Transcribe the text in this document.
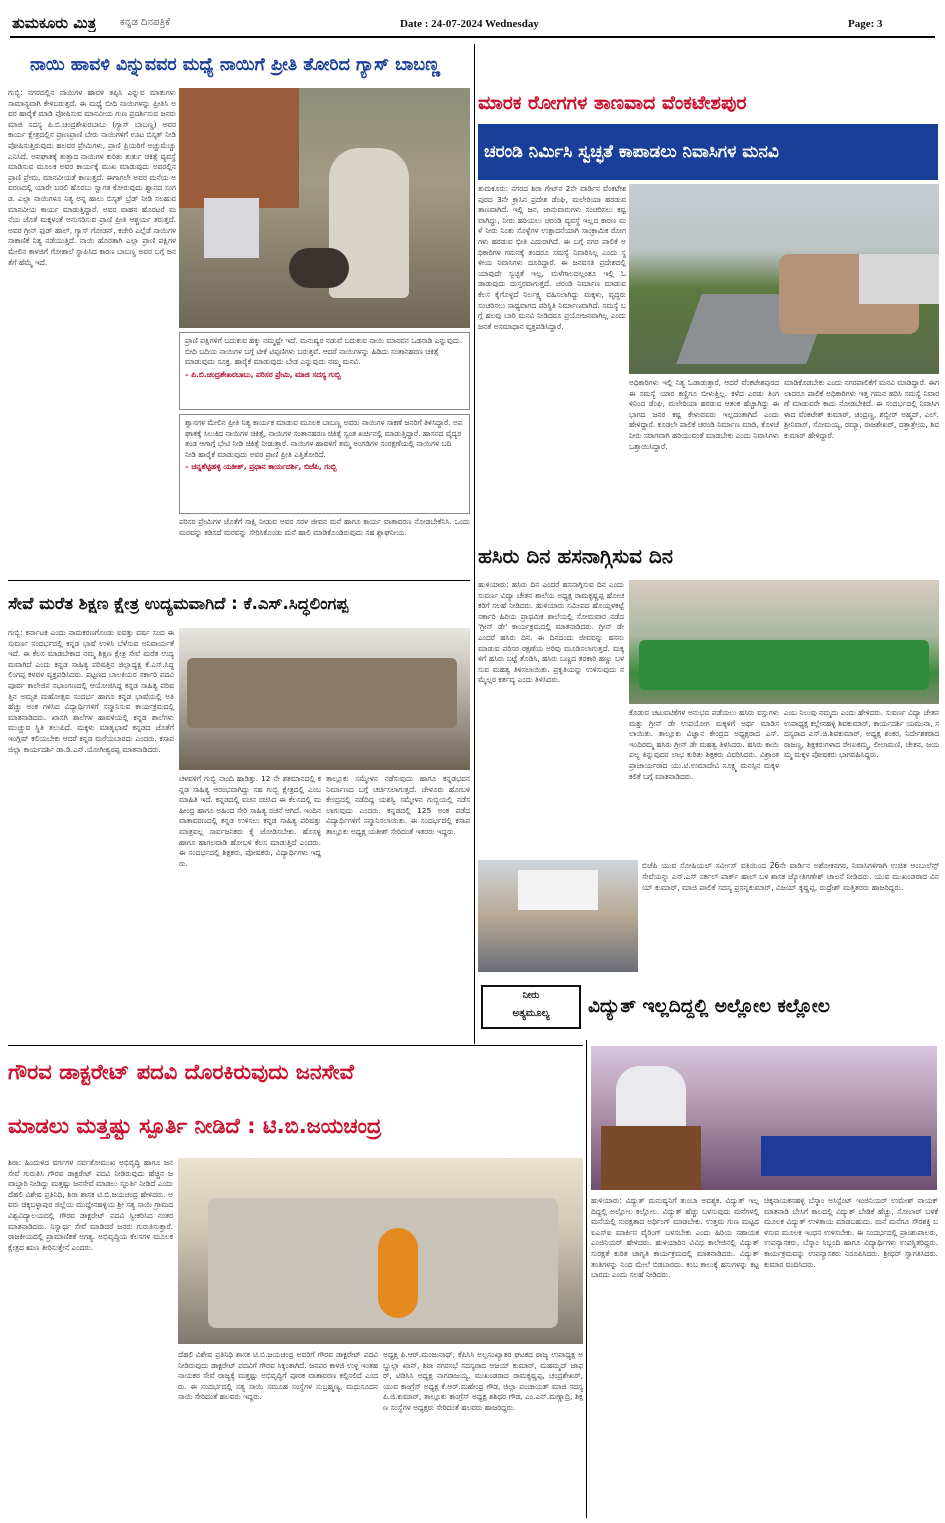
ತುಮಕೂರು ಮಿತ್ರ ಕನ್ನಡ ದಿನಪತ್ರಿಕೆ	Date : 24-07-2024 Wednesday	Page: 3
ನಾಯಿ ಹಾವಳಿ ವಿನ್ನುವವರ ಮಧ್ಯೆ ನಾಯಿಗೆ ಪ್ರೀತಿ ತೋರಿದ ಗ್ಯಾಸ್ ಬಾಬಣ್ಣ
ಗುಬ್ಬಿ: ನಗರದಲ್ಲಿನ ನಾಯಿಗಳ ಹಾವಳಿ ತಪ್ಪಿಸಿ ಎನ್ನುವ ಮಾತುಗಳು ಸಾಮಾನ್ಯವಾಗಿ ಕೇಳಿಬರುತ್ತದೆ. ಈ ಮಧ್ಯೆ ಬೀದಿ ನಾಯಿಗಳನ್ನು ಪ್ರೀತಿಸಿ ಅವರ ಹಾರೈಕೆ ಮಾಡಿ ಪೋಷಿಸುವ ಮಾನವೀಯ ಗುಣ ಪ್ರದರ್ಶಿಸುವ ಜನರು ಮಾಜಿ ಸದಸ್ಯ ಪಿ.ಬಿ.ಚಂದ್ರಶೇಖರಬಾಬು (ಗ್ಯಾಸ್ ಬಾಬಣ್ಣ) ಅವರ ಕಾರ್ಯ ಕ್ಷೇತ್ರದಲ್ಲಿನ ಪ್ರಾಣಪ್ರಾಣಿ ಬೇರು ನಾಯಿಗಳಿಗೆ ಊಟ ಬಿಸ್ಕತ್ ನೀಡಿ ಪೋಷಿಸುತ್ತಿರುವುದು ಹಲವರ ಪ್ರೇಮಿಗಳು, ಪ್ರಾಣಿ ಪ್ರಿಯರಿಗೆ ಅಚ್ಚುಮೆಚ್ಚು ಎನಿಸಿದೆ. ಅಪಘಾತಕ್ಕೆ ತುತ್ತಾದ ನಾಯಿಗಳ ಕುರಿತು ತುರ್ತು ಚಿಕಿತ್ಸೆ ವ್ಯವಸ್ಥೆ ಮಾಡಿಸುವ ಮೂಲಕ ಅವರ ಕಾರ್ಯಕ್ಕೆ ಮುಖ ಮಾಡುವುದು ಅವರಲ್ಲಿನ ಪ್ರಾಣಿ ಪ್ರೇಮ, ಮಾನವೀಯತೆ ಕಾಣುತ್ತದೆ. ಈಗಾಗಲೇ ಅವರ ಮನೆಯ ಅವರಣದಲ್ಲಿ ಯಾರೇ ಬರಲಿ ಹೊರಬು ಸ್ವಾಗತ ಕೋರುವುದು ಶ್ವಾನದ ಸಂಗಡ. ಎಲ್ಲಾ ನಾಯಿಗಳೂ ನಿತ್ಯ ಅನ್ನ ಹಾಲು ಬಿಸ್ಕತ್ ಬ್ರೆಡ್ ನೀಡಿ ಸಲಹುವ ಮಾನವೀಯ ಕಾರ್ಯ ಮಾಡುತ್ತಿದ್ದಾರೆ. ಅವರ ವಾಹನ ಹೊರಟರೆ ಮನೆಯ ಜೊತೆ ಮಕ್ಕಳಂತೆ ಅನುಸರಿಸುವ ಪ್ರಾಣಿ ಪ್ರೀತಿ ಆಶ್ಚರ್ಯ ತರುತ್ತದೆ. ಅವರ ಗ್ರೀನ್ ಫುಡ್ ಹಾಲ್, ಗ್ಯಾಸ್ ಗೋಡನ್, ಕಚೇರಿ ಎಲ್ಲೆಡೆ ನಾಯಿಗಳ ಸಾಕಾಣಿಕೆ ನಿತ್ಯ ನಡೆಯುತ್ತಿದೆ. ನಾಯಿ ಹೊರತಾಗಿ ಎಲ್ಲಾ ಪ್ರಾಣಿ ಪಕ್ಷಿಗಳ ಮೇಲಿನ ಕಾಳಜಿಗೆ ಗೋಶಾಲೆ ಸ್ಥಾಪಿಸಿದ ಕಾರಣ ಬಾಬಣ್ಣ ಅವರ ಬಗ್ಗೆ ಜನತೆಗೆ ಹೆಮ್ಮೆ ಇದೆ.
ಪ್ರಾಣಿ ಪಕ್ಷಿಗಳಿಗೆ ಬದುಕುವ ಹಕ್ಕು ನಮ್ಮಷ್ಟೇ ಇದೆ. ಮನುಷ್ಯರ ನಡುವೆ ಬದುಕುವ ನಾಯಿ ಮಾನವನ ಒಡನಾಡಿ ಎನ್ನುವುದು. ಬೀದಿ ಬದಿಯ ನಾಯಿಗಳ ಬಗ್ಗೆ ಟೀಕೆ ಟಿಪ್ಪಣಿಗಳು ಬರುತ್ತವೆ. ಆದರೆ ನಾಯಿಗಳನ್ನು ಹಿಡಿದು ಸಂತಾನಹರಣ ಚಿಕಿತ್ಸೆ ಮಾಡುವುದು ಸೂಕ್ತ. ಹಾರೈಕೆ ಮಾಡುವುದು ಬೇಡ ಎನ್ನುವುದು ನಮ್ಮ ಮನವಿ.
– ಪಿ.ಬಿ.ಚಂದ್ರಶೇಖರಬಾಬು, ಪರಿಸರ ಪ್ರೇಮಿ, ಮಾಜಿ ಸದಸ್ಯ ಗುಬ್ಬಿ
ಶ್ವಾನಗಳ ಮೇಲಿನ ಪ್ರೀತಿ ನಿತ್ಯ ಕಾರ್ಯಕ ಮಾಡುವ ಮೂಲಕ ಬಾಬಣ್ಣ ಅವರು ನಾಯಿಗಳ ಸಾಕಣೆ ಜನರಿಗೆ ತಿಳಿಸಿದ್ದಾರೆ. ಅಪಘಾತಕ್ಕೆ ಸಿಲುಕಿದ ನಾಯಿಗಳ ಚಿಕಿತ್ಸೆ, ನಾಯಿಗಳ ಸಂತಾನಹರಣ ಚಿಕಿತ್ಸೆ ಸ್ವಂತ ಖರ್ಚಿನಲ್ಲಿ ಮಾಡುತ್ತಿದ್ದಾರೆ. ಹಾಸನದ ವೈದ್ಯರ ತಂಡ ಆಗಾಗ್ಗೆ ಭೇಟಿ ನೀಡಿ ಚಿಕಿತ್ಸೆ ನೀಡುತ್ತಾರೆ. ನಾಯಿಗಳ ಹಾವಳಿಗೆ ತಮ್ಮ ಅಂಗಡಿಗಳ ಸಂರಕ್ಷಣೆಯಲ್ಲಿ ನಾಯಿಗಳ ಬದಿ ನೀಡಿ ಹಾರೈಕೆ ಮಾಡುವುದು ಅವರ ಪ್ರಾಣಿ ಪ್ರೀತಿ ಎತ್ತಿತೋರಿದೆ.
– ಚನ್ನಶೆಟ್ಟಿಹಳ್ಳಿ ಯತೀಶ್, ಪ್ರಧಾನ ಕಾರ್ಯದರ್ಶಿ, ಬಿಜೆಪಿ, ಗುಬ್ಬಿ
ಪರಿಸರ ಪ್ರೇಮಿಗಳ ಜೊತೆಗೆ ಸಾಕ್ಷಿ ನೀಡುವ ಅವರ ಸರಳ ಜೀವನ ಮನೆ ಹಾಗೂ ಕಾರ್ಯ ವಾತಾವರಣ ನೋಡಬೇಕೆನಿಸಿ. ಒಂದು ಮರವನ್ನು ಕಡಿಸದೆ ಮರವನ್ನು ಸೇರಿಸಿಕೊಂಡು ಮನೆ ಹಾಲಿ ಮಾಡಿಕೊಂಡಿರುವುದು ಸಹ ಶ್ಲಾಘನೀಯ.
ಮಾರಕ ರೋಗಗಳ ತಾಣವಾದ ವೆಂಕಟೇಶಪುರ
ಚರಂಡಿ ನಿರ್ಮಿಸಿ ಸ್ವಚ್ಛತೆ ಕಾಪಾಡಲು ನಿವಾಸಿಗಳ ಮನವಿ
ತುಮಕೂರು: ನಗರದ ಶಿರಾ ಗೇಟ್‌ನ 2ನೇ ವಾರ್ಡಿನ ವೆಂಕಟೇಶಪುರದ 3ನೇ ಕ್ರಾಸಿನ ಪ್ರದೇಶ ಡೆಂಘಿ, ಮಲೇರಿಯಾ ಹರಡುವ ತಾಣವಾಗಿದೆ. ಇಲ್ಲಿ ಜನ, ಜಾನುವಾರುಗಳು ಸಂಚರಿಸಲು ಕಷ್ಟವಾಗಿದ್ದು, ನೀರು ಹರಿಯಲು ಚರಂಡಿ ವ್ಯವಸ್ಥೆ ಇಲ್ಲದ ಕಾರಣ ಮಳೆ ನೀರು ನಿಂತು ಸೊಳ್ಳೆಗಳ ಉತ್ಪಾದನೆಯಾಗಿ ಸಾಂಕ್ರಾಮಿಕ ರೋಗಗಳು ಹರಡುವ ಭೀತಿ ಎದುರಾಗಿದೆ. ಈ ಬಗ್ಗೆ ನಗರ ಪಾಲಿಕೆ ಅಧಿಕಾರಿಗಳ ಗಮನಕ್ಕೆ ತಂದರೂ ಸಮಸ್ಯೆ ನಿವಾರಿಸಿಲ್ಲ ಎಂದು ಸ್ಥಳೀಯ ನಿವಾಸಿಗಳು ದೂರಿದ್ದಾರೆ. ಈ ಜನವಸತಿ ಪ್ರದೇಶದಲ್ಲಿ ಯಾವುದೇ ಸ್ವಚ್ಛತೆ ಇಲ್ಲ, ಮಳೆಗಾಲದಲ್ಲಂತೂ ಇಲ್ಲಿ ಓಡಾಡುವುದು ದುಸ್ತರವಾಗುತ್ತದೆ. ಚರಂಡಿ ನಿರ್ಮಾಣ ಮಾಡುವ ಕೆಲಸ ಕೈಗೊಳ್ಳದೆ ನಿರ್ಲಕ್ಷ್ಯ ವಹಿಸಲಾಗಿದ್ದು ಮಕ್ಕಳು, ವೃದ್ಧರು ಸಂಚರಿಸಲು ಸಾಧ್ಯವಾಗದ ಪರಿಸ್ಥಿತಿ ನಿರ್ಮಾಣವಾಗಿದೆ. ಸಮಸ್ಯೆ ಬಗ್ಗೆ ಹಲವು ಬಾರಿ ಮನವಿ ನೀಡಿದರೂ ಪ್ರಯೋಜನವಾಗಿಲ್ಲ ಎಂದು ಜನತೆ ಅಸಮಾಧಾನ ವ್ಯಕ್ತಪಡಿಸಿದ್ದಾರೆ.
ಅಧಿಕಾರಿಗಳು ಇಲ್ಲಿ ನಿತ್ಯ ಓಡಾಡುತ್ತಾರೆ, ಆದರೆ ವೆಂಕಟೇಶಪುರದ ಈ ಸಮಸ್ಯೆ ಯಾರ ಕಣ್ಣಿಗೂ ಬೀಳುತ್ತಿಲ್ಲ. ಕಳೆದ ಎರಡು ತಿಂಗಳಿನಿಂದ ಡೆಂಘಿ, ಮಲೇರಿಯಾ ಹರಡುವ ಆತಂಕ ಹೆಚ್ಚಾಗಿದ್ದು ಈ ಭಾಗದ ಜನರ ಕಷ್ಟ ಕೇಳುವವರು ಇಲ್ಲದಂತಾಗಿದೆ ಎಂದು ಹೇಳಿದ್ದಾರೆ. ಕೂಡಲೇ ಪಾಲಿಕೆ ಚರಂಡಿ ನಿರ್ಮಾಣ ಮಾಡಿ, ಕೊಳಚೆ ನೀರು ಸರಾಗವಾಗಿ ಹರಿಯುವಂತೆ ಮಾಡಬೇಕು ಎಂದು ನಿವಾಸಿಗಳು ಒತ್ತಾಯಿಸಿದ್ದಾರೆ.
ಮಾಡಿಕೊಡಬೇಕು ಎಂದು ನಗರಪಾಲಿಕೆಗೆ ಮನವಿ ಮಾಡಿದ್ದಾರೆ. ಈಗಲಾದರೂ ಪಾಲಿಕೆ ಅಧಿಕಾರಿಗಳು ಇತ್ತ ಗಮನ ಹರಿಸಿ ಸಮಸ್ಯೆ ನಿವಾರಣೆ ಮಾಡುವರೇ ಕಾದು ನೋಡಬೇಕಿದೆ. ಈ ಸಂದರ್ಭದಲ್ಲಿ ನಿವಾಸಿಗಳಾದ ವೆಂಕಟೇಶ್ ಕುಮಾರ್, ಚಂದ್ರಣ್ಣ, ಶಬ್ಬೀರ್ ಅಹ್ಮದ್, ಎಲ್.ಶ್ರೀನಿವಾಸ್, ಸೋಮಯ್ಯ, ರಮ್ಯಾ, ರಾಜಶೇಖರ್, ದತ್ತಾತ್ರೇಯ, ಶಿವಕುಮಾರ್ ಹೇಳಿದ್ದಾರೆ.
ಹಸಿರು ದಿನ ಹಸನಾಗ್ಗಿಸುವ ದಿನ
ಹುಳಿಯಾರು: ಹಸಿರು ದಿನ ಎಂದರೆ ಹಸನಾಗ್ಗಿಸುವ ದಿನ ಎಂದು ಸುವರ್ಣ ವಿದ್ಯಾ ಚೇತನ ಶಾಲೆಯ ಅಧ್ಯಕ್ಷ ರಾಮಕೃಷ್ಣಪ್ಪ ಹೋಚಕರಿಗೆ ಸಲಹೆ ನೀಡಿದರು. ಹುಳಿಯಾರು ಸಮೀಪದ ಹೊಯ್ಸಳಕಟ್ಟೆ ಸರ್ಕಾರಿ ಹಿರಿಯ ಪ್ರಾಥಮಿಕ ಶಾಲೆಯಲ್ಲಿ ಸೋಮವಾರ ನಡೆದ 'ಗ್ರೀನ್ ಡೇ' ಕಾರ್ಯಕ್ರಮದಲ್ಲಿ ಮಾತನಾಡಿದರು. ಗ್ರೀನ್ ಡೇ ಎಂದರೆ ಹಸಿರು ದಿನ. ಈ ದಿನದಂದು ಜೀವವನ್ನು ಹಸನು ಮಾಡುವ ಪರಿಸರ ರಕ್ಷಣೆಯ ಅರಿವು ಮೂಡಿಸಲಾಗುತ್ತದೆ. ಮಕ್ಕಳಿಗೆ ಹಸಿರು ಬಟ್ಟೆ ತೊಡಿಸಿ, ಹಸಿರು ಬಣ್ಣದ ತರಕಾರಿ ಹಣ್ಣು ಬಳಸುವ ಮಹತ್ವ ತಿಳಿಸಲಾಯಿತು. ಪ್ರಕೃತಿಯನ್ನು ಉಳಿಸುವುದು ನಮ್ಮೆಲ್ಲರ ಕರ್ತವ್ಯ ಎಂದು ತಿಳಿಸಿದರು.
ಕೊಡುವ ಚಟುವಟಿಕೆಗಳ ಅನುಭವ ಪಡೆಯಲು ಹಸಿರು ವಸ್ತುಗಳು ಮತ್ತು ಗ್ರೀನ್ ಡೇ ಉಪಯೋಗ ಮಕ್ಕಳಿಗೆ ಅರ್ಥ ಮಾಡಿಸಲಾಯಿತು. ತಾಲ್ಲೂಕು ವಿಜ್ಞಾನ ಕೇಂದ್ರದ ಅಧ್ಯಕ್ಷರಾದ ಎಸ್.ಇಂದಿರಮ್ಮ ಹಸಿರು ಗ್ರೀನ್ ಡೇ ಮಹತ್ವ ತಿಳಿಸಿದರು. ಹಸಿರು ಕಾಯಿ ಪಲ್ಯ ತಿನ್ನುವುದರ ಲಾಭ ಕುರಿತು ಶಿಕ್ಷಕರು ವಿವರಿಸಿದರು. ವಿಶ್ರಾಂತ ಪ್ರಾಚಾರ್ಯರಾದ ಯು.ಟಿ.ಉಮಾದೇವಿ ಸೂಕ್ಷ್ಮ ಮನಸ್ಸಿನ ಮಕ್ಕಳ ಕಲಿಕೆ ಬಗ್ಗೆ ಮಾತನಾಡಿದರು.
ಎಂಬ ನಿಲುವು ನಮ್ಮದು ಎಂದು ಹೇಳಿದರು. ಸುವರ್ಣ ವಿದ್ಯಾ ಚೇತನ ಉಪಾಧ್ಯಕ್ಷ ಕಲ್ಲೇನಹಳ್ಳಿ ಶಿವಕುಮಾರ್, ಕಾರ್ಯದರ್ಶಿ ಯಮುನಾ, ಸದಸ್ಯರಾದ ಎಸ್.ಜಿ.ಶಿವಕುಮಾರ್, ಅಧ್ಯಕ್ಷ ಶಂಕರ, ನಿರ್ದೇಶಕರಾದ ರಾಜಣ್ಣ, ಶಿಕ್ಷಕರುಗಳಾದ ರೇಣುಕಮ್ಮ, ಲೀಲಾಮಣಿ, ಚೇತನ, ಜಯಮ್ಮ ಮಕ್ಕಳ ಪೋಷಕರು ಭಾಗವಹಿಸಿದ್ದರು.
ಬಿಜೆಪಿ ಯುವ ಸೋಷಿಯಲ್ ಸರ್ವೀಸ್ ವತಿಯಿಂದ 26ನೇ ವಾರ್ಡಿನ ಅಶೋಕನಗರ, ನಿವಾಸಿಗಳಿಗಾಗಿ ಉಚಿತ ಆಂಬುಲೆನ್ಸ್ ಸೇವೆಯನ್ನು ಎಸ್.ಎಸ್ ಸರ್ಕಲ್ ಪಾರ್ಕ್ ಹಾಲ್ ಬಳಿ ಶಾಸಕ ಜ್ಯೋತಿಗಣೇಶ್ ಚಾಲನೆ ನೀಡಿದರು. ಯುವ ಮುಖಂಡರಾದ ವಿನಯ್ ಕುಮಾರ್, ಮಾಜಿ ಪಾಲಿಕೆ ಸದಸ್ಯ ಪ್ರಸನ್ನಕುಮಾರ್, ವಿಜಯ್ ಕೃಷ್ಣಪ್ಪ, ರುದ್ರೇಶ್ ಮತ್ತಿತರರು ಹಾಜರಿದ್ದರು.
ಸೇವೆ ಮರೆತ ಶಿಕ್ಷಣ ಕ್ಷೇತ್ರ ಉದ್ಯಮವಾಗಿದೆ : ಕೆ.ಎಸ್.ಸಿದ್ಧಲಿಂಗಪ್ಪ
ಗುಬ್ಬಿ: ಕರ್ನಾಟಕ ಎಂದು ನಾಮಕರಣಗೊಂಡು ಐವತ್ತು ವರ್ಷ ಸಂದ ಈ ಸುವರ್ಣ ಸಂದರ್ಭದಲ್ಲಿ ಕನ್ನಡ ಭಾಷೆ ಉಳಿಸಿ ಬೆಳೆಸುವ ಅನಿವಾರ್ಯತೆ ಇದೆ. ಈ ಕೆಲಸ ಮಾಡಬೇಕಾದ ನಮ್ಮ ಶಿಕ್ಷಣ ಕ್ಷೇತ್ರ ಸೇವೆ ಮರೆತ ಉದ್ಯಮವಾಗಿದೆ ಎಂದು ಕನ್ನಡ ಸಾಹಿತ್ಯ ಪರಿಷತ್ತಿನ ಜಿಲ್ಲಾಧ್ಯಕ್ಷ ಕೆ.ಎಸ್.ಸಿದ್ಧಲಿಂಗಪ್ಪ ಕಳವಳ ವ್ಯಕ್ತಪಡಿಸಿದರು. ಪಟ್ಟಣದ ಬಾಲಕಿಯರ ಸರ್ಕಾರಿ ಪದವಿ ಪೂರ್ವ ಕಾಲೇಜಿನ ಸಭಾಂಗಣದಲ್ಲಿ ಆಯೋಜಿಸಿದ್ದ ಕನ್ನಡ ಸಾಹಿತ್ಯ ಪರಿಷತ್ತಿನ ಅಮೃತ ಮಹೋತ್ಸವ ಸಂದರ್ಭ ಹಾಗೂ ಕನ್ನಡ ಭಾಷೆಯಲ್ಲಿ ಅತಿ ಹೆಚ್ಚು ಅಂಕ ಗಳಿಸಿದ ವಿದ್ಯಾರ್ಥಿಗಳಿಗೆ ಸನ್ಮಾನಿಸುವ ಕಾರ್ಯಕ್ರಮದಲ್ಲಿ ಮಾತನಾಡಿದರು. ಖಾಸಗಿ ಶಾಲೆಗಳ ಹಾವಳಿಯಲ್ಲಿ ಕನ್ನಡ ಶಾಲೆಗಳು ಮುಚ್ಚುವ ಸ್ಥಿತಿ ತಲುಪಿದೆ. ಮಕ್ಕಳು ಮಾತೃಭಾಷೆ ಕನ್ನಡದ ಜೊತೆಗೆ ಇಂಗ್ಲಿಷ್ ಕಲಿಯಬೇಕು ಆದರೆ ಕನ್ನಡ ಮರೆಯಬಾರದು ಎಂದರು. ಕಸಾಪ ಜಿಲ್ಲಾ ಕಾರ್ಯದರ್ಶಿ ಡಾ.ಡಿ.ಎನ್.ಯೋಗೀಶ್ವರಪ್ಪ ಮಾತನಾಡಿದರು.
ಚಳವಳಿಗೆ ಗುಬ್ಬಿ ನಾಂದಿ ಹಾಡಿತ್ತು. 12 ನೇ ಶತಮಾನದಲ್ಲಿ ಕನ್ನಡ ಸಾಹಿತ್ಯ ಆರಂಭವಾಗಿದ್ದು ಸಹ ಗುಬ್ಬಿ ಕ್ಷೇತ್ರದಲ್ಲಿ ಎಂಬ ಮಾಹಿತಿ ಇದೆ. ಕನ್ನಡದಲ್ಲಿ ವಚನ ರಚಿಸಿದ ಈ ಕೆಲಸದಲ್ಲಿ ಮಹೀಂದ್ರ ಹಾಗೂ ಅಹಿಂದ ಸೇರಿ ಸಾಹಿತ್ಯ ರಚನೆ ಆಗಿದೆ. ಇಂದಿನ ವಾತಾವರಣದಲ್ಲಿ ಕನ್ನಡ ಉಳಿಸಲು ಕನ್ನಡ ಸಾಹಿತ್ಯ ಪರಿಷತ್ತು ಮಾತ್ರವಲ್ಲ ಸಾರ್ವಜನಿಕರು ಕೈ ಜೋಡಿಸಬೇಕು. ಹೊಸಳ್ಳಿ ಹಾಗೂ ಹಾಗಲವಾಡಿ ಹೋಬಳಿ ಕೆಲಸ ಮಾಡುತ್ತಿದೆ ಎಂದರು. ಈ ಸಂದರ್ಭದಲ್ಲಿ ಶಿಕ್ಷಕರು, ಪೋಷಕರು, ವಿದ್ಯಾರ್ಥಿಗಳು ಇದ್ದರು.
ತಾಲ್ಲೂಕು ಸಮ್ಮೇಳನ ನಡೆಸುವುದು ಹಾಗೂ ಕನ್ನಡಭವನ ನಿರ್ಮಾಣದ ಬಗ್ಗೆ ಚರ್ಚಿಸಲಾಗುತ್ತದೆ. ಚೇಳೂರು ಹೋಬಳಿ ಕೇಂದ್ರದಲ್ಲಿ ನಡೆದಿದ್ದ ಯಶಸ್ವಿ ಸಮ್ಮೇಳನ ಗುಬ್ಬಿಯಲ್ಲಿ ನಡೆಸಲಾಗುವುದು ಎಂದರು. ಕನ್ನಡದಲ್ಲಿ 125 ಅಂಕ ಪಡೆದ ವಿದ್ಯಾರ್ಥಿಗಳಿಗೆ ಸನ್ಮಾನಿಸಲಾಯಿತು. ಈ ಸಂದರ್ಭದಲ್ಲಿ ಕಸಾಪ ತಾಲ್ಲೂಕು ಅಧ್ಯಕ್ಷ ಯತೀಶ್ ಸೇರಿದಂತೆ ಇತರರು ಇದ್ದರು.
ನೀರು
ಅತ್ಯಮೂಲ್ಯ	ವಿದ್ಯುತ್ ಇಲ್ಲದಿದ್ದಲ್ಲಿ ಅಲ್ಲೋಲ ಕಲ್ಲೋಲ
ಹುಳಿಯಾರು: ವಿದ್ಯುತ್ ಮನುಷ್ಯನಿಗೆ ತುಂಬಾ ಅವಶ್ಯಕ. ವಿದ್ಯುತ್ ಇಲ್ಲದಿದ್ದಲ್ಲಿ ಅಲ್ಲೋಲ ಕಲ್ಲೋಲ. ವಿದ್ಯುತ್ ಹೆಚ್ಚು ಬಳಸುವುದು ಮನೆಗಳಲ್ಲಿ ಮನೆಯಲ್ಲಿ ಸುರಕ್ಷತಾದ ಅರ್ಥಿಂಗ್ ಮಾಡಬೇಕು. ಉತ್ತಮ ಗುಣ ಮಟ್ಟದ ಐಎಸ್‌ಐ ಮಾರ್ಕಿನ ವೈರಿಂಗ್ ಬಳಸಬೇಕು ಎಂದು ಹಿರಿಯ ಸಹಾಯಕ ಎಂಜಿನಿಯರ್ ಹೇಳಿದರು. ಹುಳಿಯಾರಿನ ವಿವಿಧ ಕಾಲೇಜಿನಲ್ಲಿ ವಿದ್ಯುತ್ ಸುರಕ್ಷತೆ ಕುರಿತ ಜಾಗೃತಿ ಕಾರ್ಯಕ್ರಮದಲ್ಲಿ ಮಾತನಾಡಿದರು. ವಿದ್ಯುತ್ ತಂತಿಗಳನ್ನು ನಿಂದ ಮೇಲೆ ಬಿಡಬಾರದು. ಕಂಬ ಕಾಲುಕ್ಕೆ ಹಸುಗಳನ್ನು ಕಟ್ಟಬಾರದು ಎಂದು ಸಲಹೆ ನೀಡಿದರು.
ಚಿಕ್ಕನಾಯಕನಹಳ್ಳಿ ಬೆಸ್ಕಾಂ ಅಸಿಸ್ಟೆಂಟ್ ಇಂಜಿನಿಯರ್ ಉಮೇಶ್ ನಾಯಕ್ ಮಾತನಾಡಿ ಬೇಸಿಗೆ ಕಾಲದಲ್ಲಿ ವಿದ್ಯುತ್ ಬೇಡಿಕೆ ಹೆಚ್ಚು, ಸೋಲಾರ್ ಬಳಕೆ ಮೂಲಕ ವಿದ್ಯುತ್ ಉಳಿತಾಯ ಮಾಡಬಹುದು. ಮನೆ ಮನೆಗೂ ಸೌರಶಕ್ತಿ ಬಳಸುವ ಮೂಲಕ ಇಂಧನ ಉಳಿಸಬೇಕು. ಈ ಸಂದರ್ಭದಲ್ಲಿ ಪ್ರಾಂಶುಪಾಲರು, ಉಪನ್ಯಾಸಕರು, ಬೆಸ್ಕಾಂ ಸಿಬ್ಬಂದಿ ಹಾಗೂ ವಿದ್ಯಾರ್ಥಿಗಳು ಉಪಸ್ಥಿತರಿದ್ದರು. ಕಾರ್ಯಕ್ರಮವನ್ನು ಉಪನ್ಯಾಸಕರು ನಿರೂಪಿಸಿದರು. ಶ್ರೀಧರ್ ಸ್ವಾಗತಿಸಿದರು. ಕುಮಾರ ವಂದಿಸಿದರು.
ಗೌರವ ಡಾಕ್ಟರೇಟ್ ಪದವಿ ದೊರಕಿರುವುದು ಜನಸೇವೆ
ಮಾಡಲು ಮತ್ತಷ್ಟು ಸ್ಪೂರ್ತಿ ನೀಡಿದೆ : ಟಿ.ಬಿ.ಜಯಚಂದ್ರ
ಶಿರಾ: ಹಿಂದುಳಿದ ವರ್ಗಗಳ ಸರ್ವತೋಮುಖ ಅಭಿವೃದ್ಧಿ ಹಾಗೂ ಜನಸೇವೆ ಗುರುತಿಸಿ ಗೌರವ ಡಾಕ್ಟರೇಟ್ ಪದವಿ ನೀಡಿರುವುದು ಹೆಚ್ಚಿನ ಜವಾಬ್ದಾರಿ ನೀಡಿದ್ದು ಮತ್ತಷ್ಟು ಜನಸೇವೆ ಮಾಡಲು ಸ್ಫೂರ್ತಿ ನೀಡಿದೆ ಎಂದು ದೆಹಲಿ ವಿಶೇಷ ಪ್ರತಿನಿಧಿ, ಶಿರಾ ಶಾಸಕ ಟಿ.ಬಿ.ಜಯಚಂದ್ರ ಹೇಳಿದರು. ಅವರು ಚಿಕ್ಕಬಳ್ಳಾಪುರ ಜಿಲ್ಲೆಯ ಮುದ್ದೇನಹಳ್ಳಿಯ ಶ್ರೀ ಸತ್ಯ ಸಾಯಿ ಗ್ರಾಮದ ವಿಶ್ವವಿದ್ಯಾಲಯದಲ್ಲಿ ಗೌರವ ಡಾಕ್ಟರೇಟ್ ಪದವಿ ಸ್ವೀಕರಿಸಿದ ನಂತರ ಮಾತನಾಡಿದರು. ನಿಸ್ವಾರ್ಥ ಸೇವೆ ಮಾಡಿದರೆ ಜನರು ಗುರುತಿಸುತ್ತಾರೆ. ರಾಜಕೀಯದಲ್ಲಿ ಪ್ರಾಮಾಣಿಕತೆ ಅಗತ್ಯ. ಅಭಿವೃದ್ಧಿಯ ಕೆಲಸಗಳ ಮೂಲಕ ಕ್ಷೇತ್ರದ ಋಣ ತೀರಿಸುತ್ತೇನೆ ಎಂದರು.
ದೆಹಲಿ ವಿಶೇಷ ಪ್ರತಿನಿಧಿ ಶಾಸಕ ಟಿ.ಬಿ.ಜಯಚಂದ್ರ ಅವರಿಗೆ ಗೌರವ ಡಾಕ್ಟರೇಟ್ ಪದವಿ ನೀಡಿರುವುದು ಡಾಕ್ಟರೇಟ್ ಪದವಿಗೆ ಗೌರವ ಸಿಕ್ಕಂತಾಗಿದೆ. ಜನಪರ ಕಾಳಜಿ ಉಳ್ಳ ಇಂತಹ ನಾಯಕರ ಸೇವೆ ರಾಜ್ಯಕ್ಕೆ ಮತ್ತಷ್ಟು ಅಭಿವೃದ್ಧಿಗೆ ಪೂರಕ ವಾತಾವರಣ ಕಲ್ಪಿಸಲಿದೆ ಎಂದರು. ಈ ಸಂದರ್ಭದಲ್ಲಿ ಸತ್ಯ ಸಾಯಿ ಸಮೂಹ ಸಂಸ್ಥೆಗಳ ಸುಬ್ರಹ್ಮಣ್ಯ, ಮಧುಸೂದನ ಸಾಯಿ ಸೇರಿದಂತೆ ಹಲವರು ಇದ್ದರು.
ಅಧ್ಯಕ್ಷ ಪಿ.ಆರ್.ಮಂಜುನಾಥ್, ಕೆಪಿಸಿಸಿ ಅಲ್ಪಸಂಖ್ಯಾತರ ಘಟಕದ ರಾಜ್ಯ ಉಪಾಧ್ಯಕ್ಷ ಅಬ್ದುಲ್ಲಾ ಖಾನ್, ಶಿರಾ ನಗರಸಭೆ ಸದಸ್ಯರಾದ ಅಜಯ್ ಕುಮಾರ್, ಮಹಮ್ಮದ್ ಜಾಫರ್, ಟಿಡಿಸಿಸಿ ಅಧ್ಯಕ್ಷ ನಾಗರಾಜಯ್ಯ, ಮುಖಂಡರಾದ ರಾಮಕೃಷ್ಣಪ್ಪ, ಚಂದ್ರಶೇಖರ್, ಯುವ ಕಾಂಗ್ರೆಸ್ ಅಧ್ಯಕ್ಷ ಕೆ.ಆರ್.ಮಹೇಂದ್ರ ಗೌಡ, ಜಿಲ್ಲಾ ಪಂಚಾಯತ್ ಮಾಜಿ ಸದಸ್ಯ ಪಿ.ಜಿ.ಕುಮಾರ್, ತಾಲ್ಲೂಕು ಕಾಂಗ್ರೆಸ್ ಅಧ್ಯಕ್ಷ ಶಶಿಧರ ಗೌಡ, ಎಂ.ಎನ್.ಮಣ್ಣಾದ್ರಿ, ಶಿಕ್ಷಣ ಸಂಸ್ಥೆಗಳ ಅಧ್ಯಕ್ಷರು ಸೇರಿದಂತೆ ಹಲವರು ಹಾಜರಿದ್ದರು.
